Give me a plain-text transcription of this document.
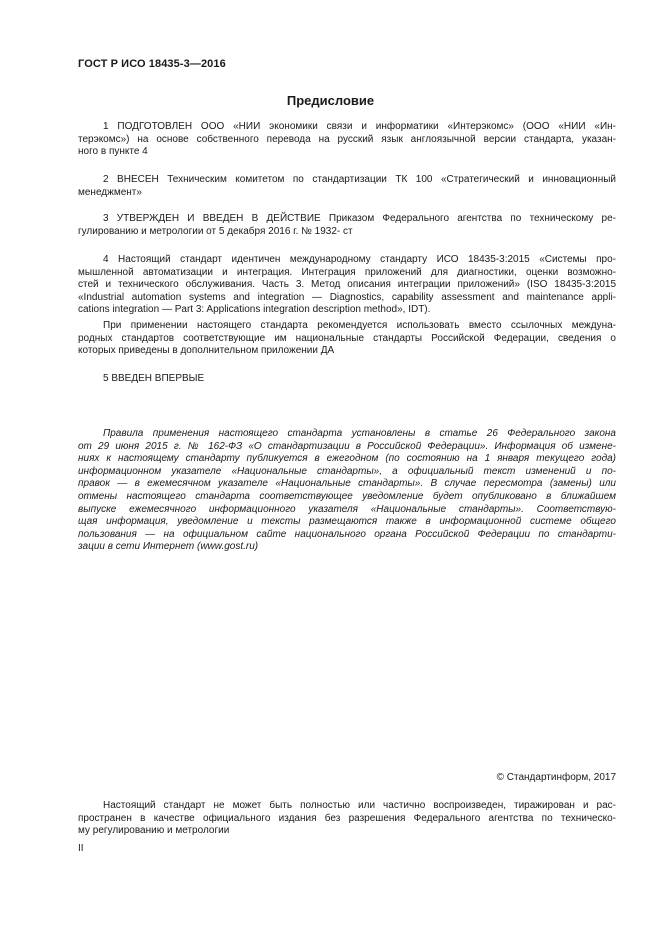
ГОСТ Р ИСО 18435-3—2016
Предисловие
1 ПОДГОТОВЛЕН ООО «НИИ экономики связи и информатики «Интерэкомс» (ООО «НИИ «Ин-
терэкомс») на основе собственного перевода на русский язык англоязычной версии стандарта, указан-
ного в пункте 4
2 ВНЕСЕН Техническим комитетом по стандартизации ТК 100 «Стратегический и инновационный
менеджмент»
3 УТВЕРЖДЕН И ВВЕДЕН В ДЕЙСТВИЕ Приказом Федерального агентства по техническому ре-
гулированию и метрологии от 5 декабря 2016 г. № 1932- ст
4 Настоящий стандарт идентичен международному стандарту ИСО 18435-3:2015 «Системы про-
мышленной автоматизации и интеграция. Интеграция приложений для диагностики, оценки возможно-
стей и технического обслуживания. Часть 3. Метод описания интеграции приложений» (ISO 18435-3:2015
«Industrial automation systems and integration — Diagnostics, capability assessment and maintenance appli-
cations integration — Part 3: Applications integration description method», IDT).
При применении настоящего стандарта рекомендуется использовать вместо ссылочных междуна-
родных стандартов соответствующие им национальные стандарты Российской Федерации, сведения о
которых приведены в дополнительном приложении ДА
5 ВВЕДЕН ВПЕРВЫЕ
Правила применения настоящего стандарта установлены в статье 26 Федерального закона
от 29 июня 2015 г. № 162-ФЗ «О стандартизации в Российской Федерации». Информация об измене-
ниях к настоящему стандарту публикуется в ежегодном (по состоянию на 1 января текущего года)
информационном указателе «Национальные стандарты», а официальный текст изменений и по-
правок — в ежемесячном указателе «Национальные стандарты». В случае пересмотра (замены) или
отмены настоящего стандарта соответствующее уведомление будет опубликовано в ближайшем
выпуске ежемесячного информационного указателя «Национальные стандарты». Соответствую-
щая информация, уведомление и тексты размещаются также в информационной системе общего
пользования — на официальном сайте национального органа Российской Федерации по стандарти-
зации в сети Интернет (www.gost.ru)
© Стандартинформ, 2017
Настоящий стандарт не может быть полностью или частично воспроизведен, тиражирован и рас-
пространен в качестве официального издания без разрешения Федерального агентства по техническо-
му регулированию и метрологии
II
